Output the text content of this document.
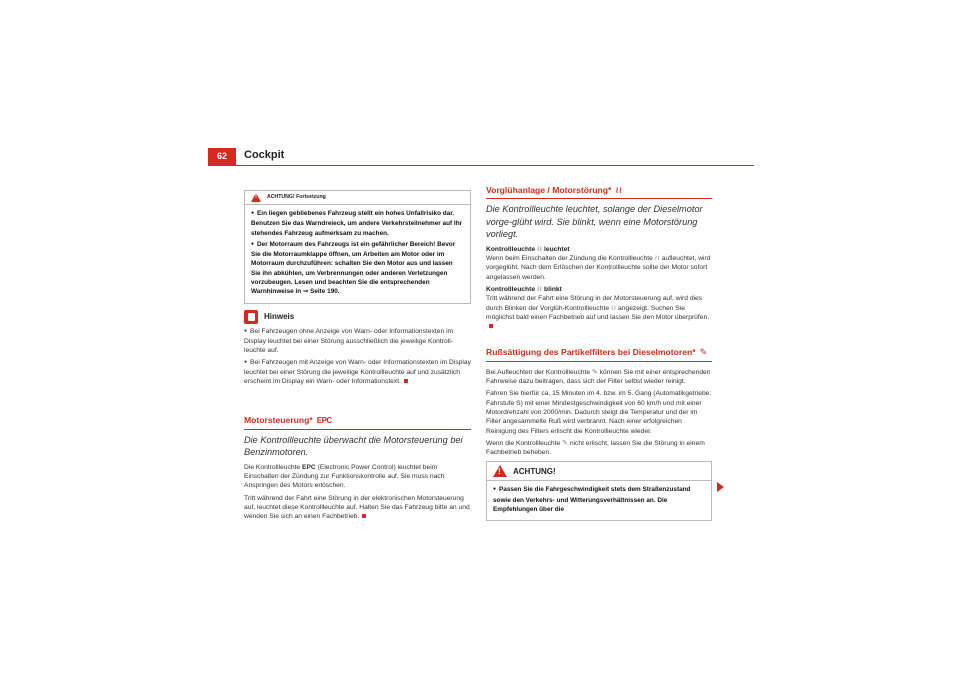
62	Cockpit
!
ACHTUNG! Fortsetzung

● Ein liegen gebliebenes Fahrzeug stellt ein hohes Unfallrisiko dar. Benutzen Sie das Warndreieck, um andere Verkehrsteilnehmer auf Ihr stehendes Fahrzeug aufmerksam zu machen.

● Der Motorraum des Fahrzeugs ist ein gefährlicher Bereich! Bevor Sie die Motorraumklappe öffnen, um Arbeiten am Motor oder im Motorraum durchzuführen: schalten Sie den Motor aus und lassen Sie ihn abkühlen, um Verbrennungen oder anderen Verletzungen vorzubeugen. Lesen und beachten Sie die entsprechenden Warnhinweise in ⇒ Seite 190.

Hinweis

● Bei Fahrzeugen ohne Anzeige von Warn- oder Informationstexten im Display leuchtet bei einer Störung ausschließlich die jeweilige Kontroll-leuchte auf.

● Bei Fahrzeugen mit Anzeige von Warn- oder Informationstexten im Display leuchtet bei einer Störung die jeweilige Kontrollleuchte auf und zusätzlich erscheint im Display ein Warn- oder Informationstext.

Motorsteuerung* EPC

Die Kontrollleuchte überwacht die Motorsteuerung bei Benzinmotoren.

Die Kontrollleuchte EPC (Electronic Power Control) leuchtet beim Einschalten der Zündung zur Funktionskontrolle auf. Sie muss nach Anspringen des Motors erlöschen.

Tritt während der Fahrt eine Störung in der elektronischen Motorsteuerung auf, leuchtet diese Kontrollleuchte auf. Halten Sie das Fahrzeug bitte an und wenden Sie sich an einen Fachbetrieb.

Vorglühanlage / Motorstörung* ≀≀

Die Kontrollleuchte leuchtet, solange der Dieselmotor vorge-glüht wird. Sie blinkt, wenn eine Motorstörung vorliegt.

Kontrollleuchte ≀≀ leuchtet

Wenn beim Einschalten der Zündung die Kontrollleuchte ≀≀ aufleuchtet, wird vorgeglüht. Nach dem Erlöschen der Kontrollleuchte sollte der Motor sofort angelassen werden.

Kontrollleuchte ≀≀ blinkt

Tritt während der Fahrt eine Störung in der Motorsteuerung auf, wird dies durch Blinken der Vorglüh-Kontrollleuchte ≀≀ angezeigt. Suchen Sie möglichst bald einen Fachbetrieb auf und lassen Sie den Motor überprüfen.

Rußsättigung des Partikelfilters bei Dieselmotoren* ✎

Bei Aufleuchten der Kontrollleuchte ✎ können Sie mit einer entsprechenden Fahrweise dazu beitragen, dass sich der Filter selbst wieder reinigt.

Fahren Sie hierfür ca. 15 Minuten im 4. bzw. im 5. Gang (Automatikgetriebe: Fahrstufe S) mit einer Mindestgeschwindigkeit von 60 km/h und mit einer Motordrehzahl von 2000/min. Dadurch steigt die Temperatur und der im Filter angesammelte Ruß wird verbrannt. Nach einer erfolgreichen Reinigung des Filters erlischt die Kontrollleuchte wieder.

Wenn die Kontrollleuchte ✎ nicht erlischt, lassen Sie die Störung in einem Fachbetrieb beheben.

!
ACHTUNG!

● Passen Sie die Fahrgeschwindigkeit stets dem Straßenzustand sowie den Verkehrs- und Witterungsverhältnissen an. Die Empfehlungen über die
